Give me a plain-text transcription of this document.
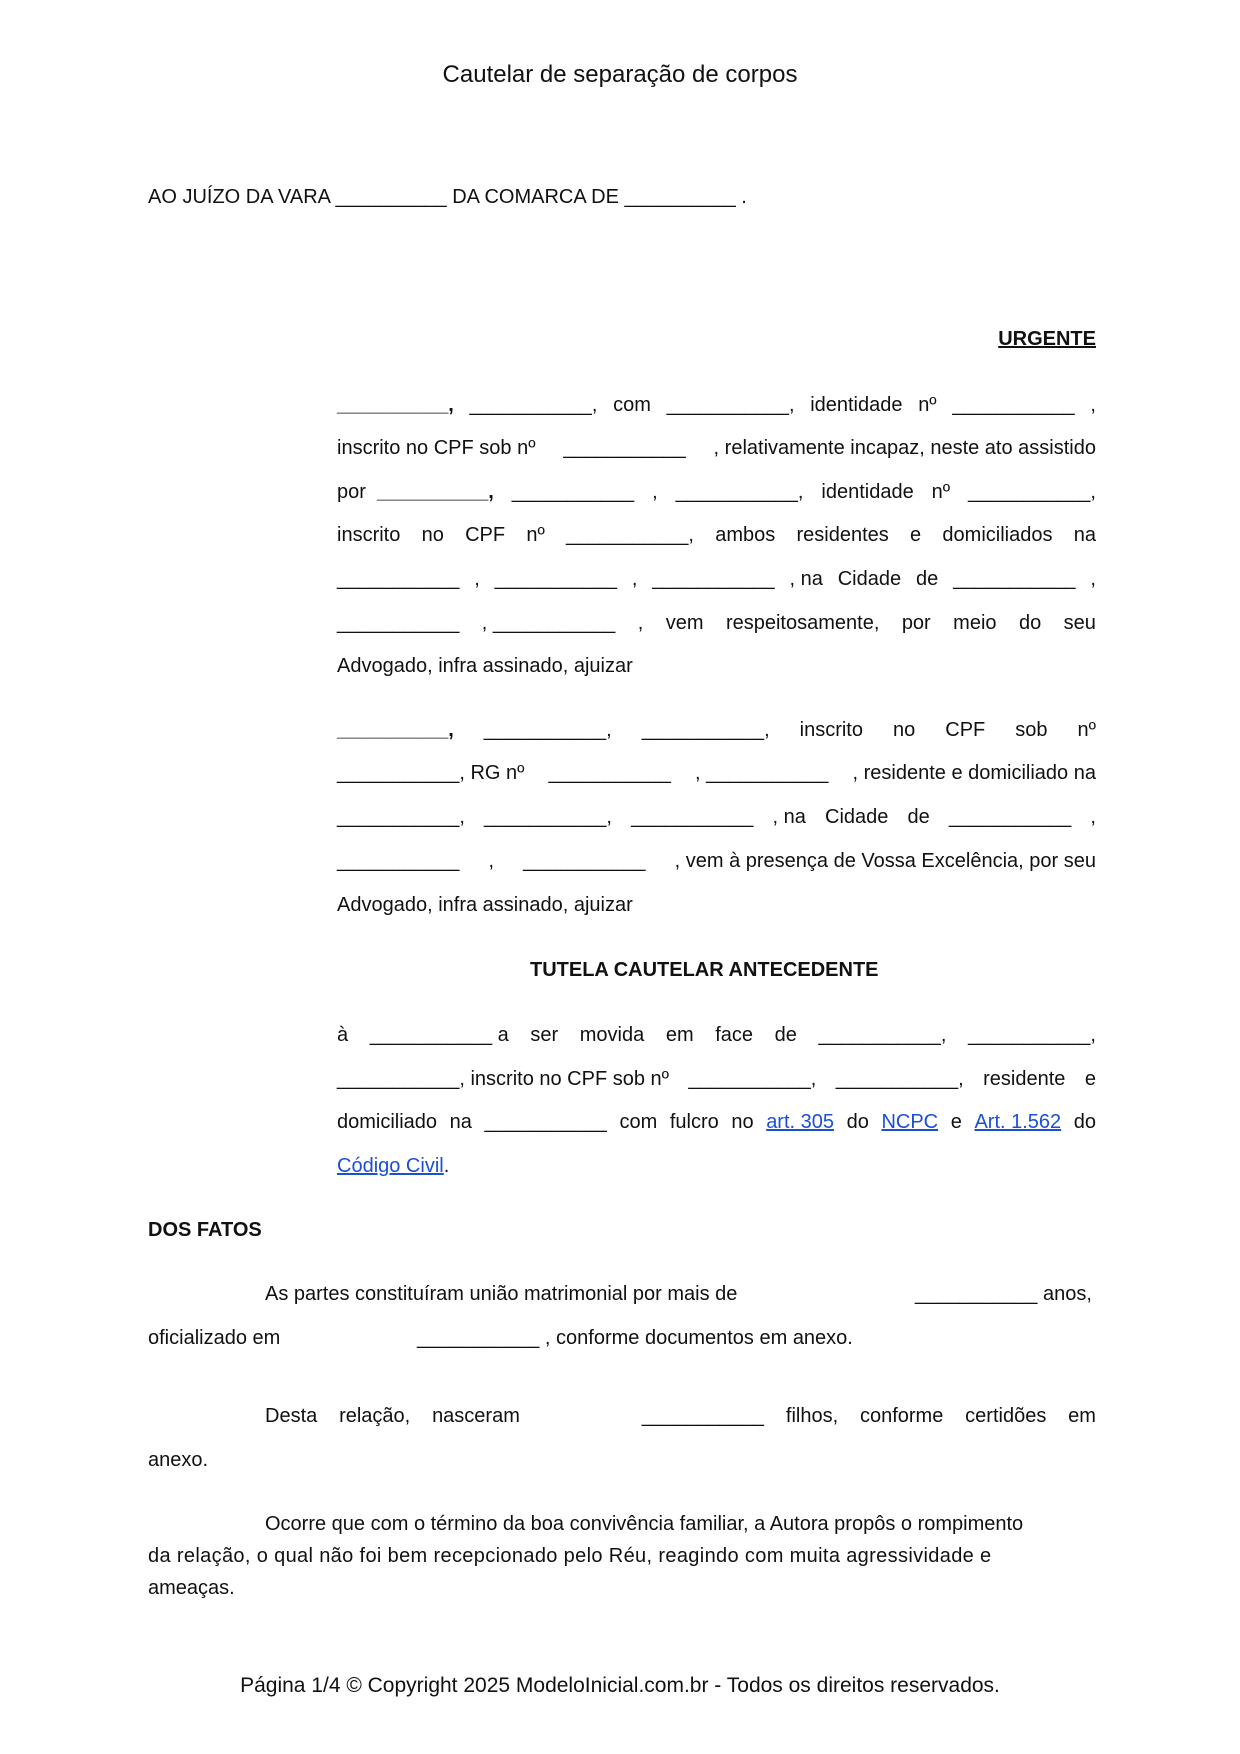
Cautelar de separação de corpos
AO JUÍZO DA VARA __________ DA COMARCA DE __________ .
URGENTE
__________, ___________, com ___________, identidade nº ___________ ,
inscrito no CPF sob nº ___________ , relativamente incapaz, neste ato assistido
por __________, ___________ , ___________, identidade nº ___________,
inscrito no CPF nº ___________, ambos residentes e domiciliados na
___________ , ___________ , ___________ , na Cidade de ___________ ,
___________ , ___________ , vem respeitosamente, por meio do seu
Advogado, infra assinado, ajuizar
__________, ___________, ___________, inscrito no CPF sob nº
___________, RG nº ___________ , ___________ , residente e domiciliado na
___________, ___________, ___________ , na Cidade de ___________ ,
___________ , ___________ , vem à presença de Vossa Excelência, por seu
Advogado, infra assinado, ajuizar
TUTELA CAUTELAR ANTECEDENTE
à ___________ a ser movida em face de ___________, ___________,
___________, inscrito no CPF sob nº ___________, ___________, residente e
domiciliado na ___________ com fulcro no art. 305 do NCPC e Art. 1.562 do
Código Civil.
DOS FATOS
As partes constituíram união matrimonial por mais de	___________ anos,
oficializado em	___________ , conforme documentos em anexo.
Desta relação, nasceram	___________ filhos, conforme certidões em
anexo.
Ocorre que com o término da boa convivência familiar, a Autora propôs o rompimento
da relação, o qual não foi bem recepcionado pelo Réu, reagindo com muita agressividade e
ameaças.
Página 1/4 © Copyright 2025 ModeloInicial.com.br - Todos os direitos reservados.
